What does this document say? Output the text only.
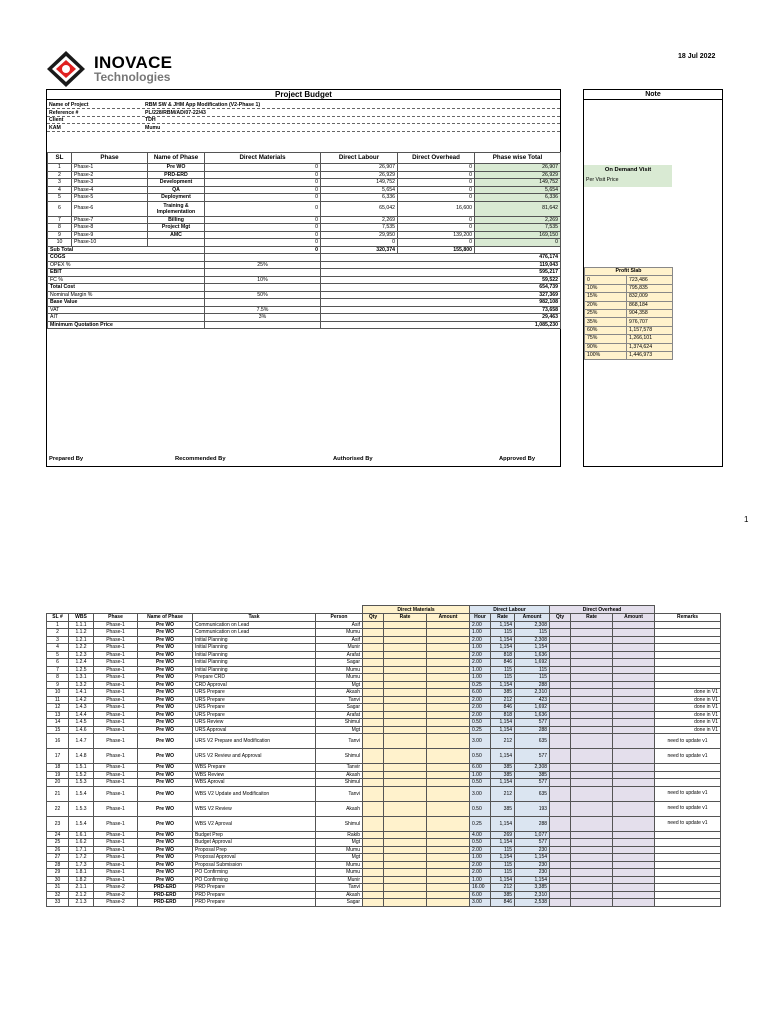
INOVACE
Technologies
18 Jul 2022
1
Project Budget
Name of Project	RBM SW & JHM App Modification (V2-Phase 1)
Reference #	PL/228/RBM/AD/07-22/43
Client	TDH
KAM	Mumu
SL	Phase	Name of Phase	Direct Materials	Direct Labour	Direct Overhead	Phase wise Total
1	Phase-1	Pre WO	0	26,907	0	26,907
2	Phase-2	PRD-ERD	0	26,929	0	26,929
3	Phase-3	Development	0	149,752	0	149,752
4	Phase-4	QA	0	5,654	0	5,654
5	Phase-5	Deployment	0	6,336	0	6,336
6	Phase-6	Training & Implementation	0	65,042	16,600	81,642
7	Phase-7	Billing	0	2,269	0	2,269
8	Phase-8	Project Mgt	0	7,535	0	7,535
9	Phase-9	AMC	0	29,950	139,200	169,150
10	Phase-10		0	0	0	0
Sub Total			0	320,374	155,800	
COGS				476,174		
OPEX %			25%	119,043		
EBIT				595,217		
FC %			10%	59,522		
Total Cost				654,739		
Nominal Margin %			50%	327,369		
Base Value				982,108		
VAT			7.5%	73,658		
AIT			3%	29,463		
Minimum Quotation Price				1,085,230		
Prepared By	Recommended By	Authorised By	Approved By
Note
On Demand Visit
Per Visit Price
Profit Slab	
0	723,486
10%	795,835
15%	832,009
20%	868,184
25%	904,358
35%	976,707
60%	1,157,578
75%	1,266,101
90%	1,374,624
100%	1,446,973
						Direct Materials			Direct Labour			Direct Overhead			
SL #	WBS	Phase	Name of Phase	Task	Person	Qty	Rate	Amount	Hour	Rate	Amount	Qty	Rate	Amount	Remarks
1	1.1.1	Phase-1	Pre WO	Communication on Lead	Asif				2.00	1,154	2,308				
2	1.1.2	Phase-1	Pre WO	Communication on Lead	Mumu				1.00	115	115				
3	1.2.1	Phase-1	Pre WO	Initial Planning	Asif				2.00	1,154	2,308				
4	1.2.2	Phase-1	Pre WO	Initial Planning	Munir				1.00	1,154	1,154				
5	1.2.3	Phase-1	Pre WO	Initial Planning	Arafat				2.00	818	1,636				
6	1.2.4	Phase-1	Pre WO	Initial Planning	Sagar				2.00	846	1,692				
7	1.2.5	Phase-1	Pre WO	Initial Planning	Mumu				1.00	115	115				
8	1.3.1	Phase-1	Pre WO	Prepare CRD	Mumu				1.00	115	115				
9	1.3.2	Phase-1	Pre WO	CRD Approval	Mgt				0.25	1,154	288				
10	1.4.1	Phase-1	Pre WO	URS Prepare	Akash				6.00	385	2,310				done in V1
11	1.4.2	Phase-1	Pre WO	URS Prepare	Tanvi				2.00	212	423				done in V1
12	1.4.3	Phase-1	Pre WO	URS Prepare	Sagar				2.00	846	1,692				done in V1
13	1.4.4	Phase-1	Pre WO	URS Prepare	Arafat				2.00	818	1,636				done in V1
14	1.4.5	Phase-1	Pre WO	URS Review	Shimul				0.50	1,154	577				done in V1
15	1.4.6	Phase-1	Pre WO	URS Approval	Mgt				0.25	1,154	288				done in V1
16	1.4.7	Phase-1	Pre WO	URS V2 Prepare and Modification	Tanvi				3.00	212	635				need to update v1
17	1.4.8	Phase-1	Pre WO	URS V2 Review and Approval	Shimul				0.50	1,154	577				need to update v1
18	1.5.1	Phase-1	Pre WO	WBS Prepare	Tanvir				6.00	385	2,308				
19	1.5.2	Phase-1	Pre WO	WBS Review	Akash				1.00	385	385				
20	1.5.3	Phase-1	Pre WO	WBS Aproval	Shimul				0.50	1,154	577				
21	1.5.4	Phase-1	Pre WO	WBS V2 Update and Modificaiton	Tanvi				3.00	212	635				need to update v1
22	1.5.3	Phase-1	Pre WO	WBS V2 Review	Akash				0.50	385	193				need to update v1
23	1.5.4	Phase-1	Pre WO	WBS V2 Aproval	Shimul				0.25	1,154	288				need to update v1
24	1.6.1	Phase-1	Pre WO	Budget Prep	Rakib				4.00	269	1,077				
25	1.6.2	Phase-1	Pre WO	Budget Approval	Mgt				0.50	1,154	577				
26	1.7.1	Phase-1	Pre WO	Proposal Prep	Mumu				2.00	115	230				
27	1.7.2	Phase-1	Pre WO	Proposal Approval	Mgt				1.00	1,154	1,154				
28	1.7.3	Phase-1	Pre WO	Proposal Submission	Mumu				2.00	115	230				
29	1.8.1	Phase-1	Pre WO	PO Confirming	Mumu				2.00	115	230				
30	1.8.2	Phase-1	Pre WO	PO Confirming	Munir				1.00	1,154	1,154				
31	2.1.1	Phase-2	PRD-ERD	PRD Prepare	Tanvi				16.00	212	3,385				
32	2.1.2	Phase-2	PRD-ERD	PRD Prepare	Akash				6.00	385	2,310				
33	2.1.3	Phase-2	PRD-ERD	PRD Prepare	Sagar				3.00	846	2,538				
